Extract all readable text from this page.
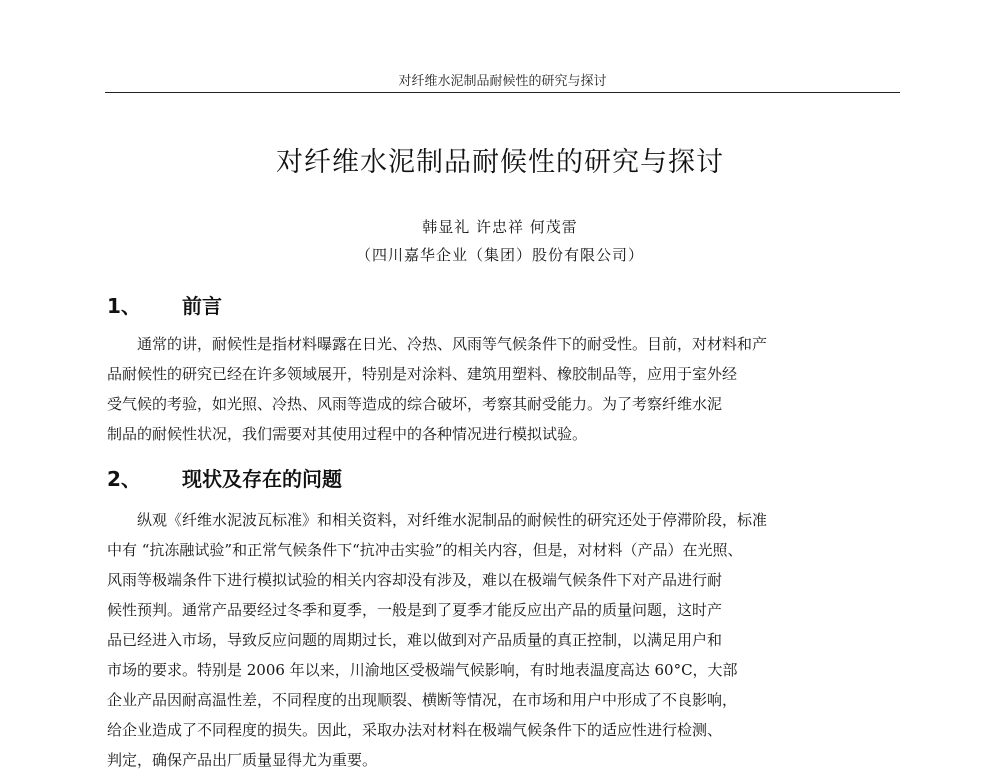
对纤维水泥制品耐候性的研究与探讨
对纤维水泥制品耐候性的研究与探讨
韩显礼 许忠祥 何茂雷
（四川嘉华企业（集团）股份有限公司）
1、 前言
　　通常的讲，耐候性是指材料曝露在日光、冷热、风雨等气候条件下的耐受性。目前，对材料和产
品耐候性的研究已经在许多领域展开，特别是对涂料、建筑用塑料、橡胶制品等，应用于室外经
受气候的考验，如光照、冷热、风雨等造成的综合破坏，考察其耐受能力。为了考察纤维水泥
制品的耐候性状况，我们需要对其使用过程中的各种情况进行模拟试验。
2、 现状及存在的问题
　　纵观《纤维水泥波瓦标准》和相关资料，对纤维水泥制品的耐候性的研究还处于停滞阶段，标准
中有 “抗冻融试验”和正常气候条件下“抗冲击实验”的相关内容，但是，对材料（产品）在光照、
风雨等极端条件下进行模拟试验的相关内容却没有涉及，难以在极端气候条件下对产品进行耐
候性预判。通常产品要经过冬季和夏季，一般是到了夏季才能反应出产品的质量问题，这时产
品已经进入市场，导致反应问题的周期过长，难以做到对产品质量的真正控制，以满足用户和
市场的要求。特别是 2006 年以来，川渝地区受极端气候影响，有时地表温度高达 60°C，大部
企业产品因耐高温性差，不同程度的出现顺裂、横断等情况，在市场和用户中形成了不良影响，
给企业造成了不同程度的损失。因此，采取办法对材料在极端气候条件下的适应性进行检测、
判定，确保产品出厂质量显得尤为重要。
